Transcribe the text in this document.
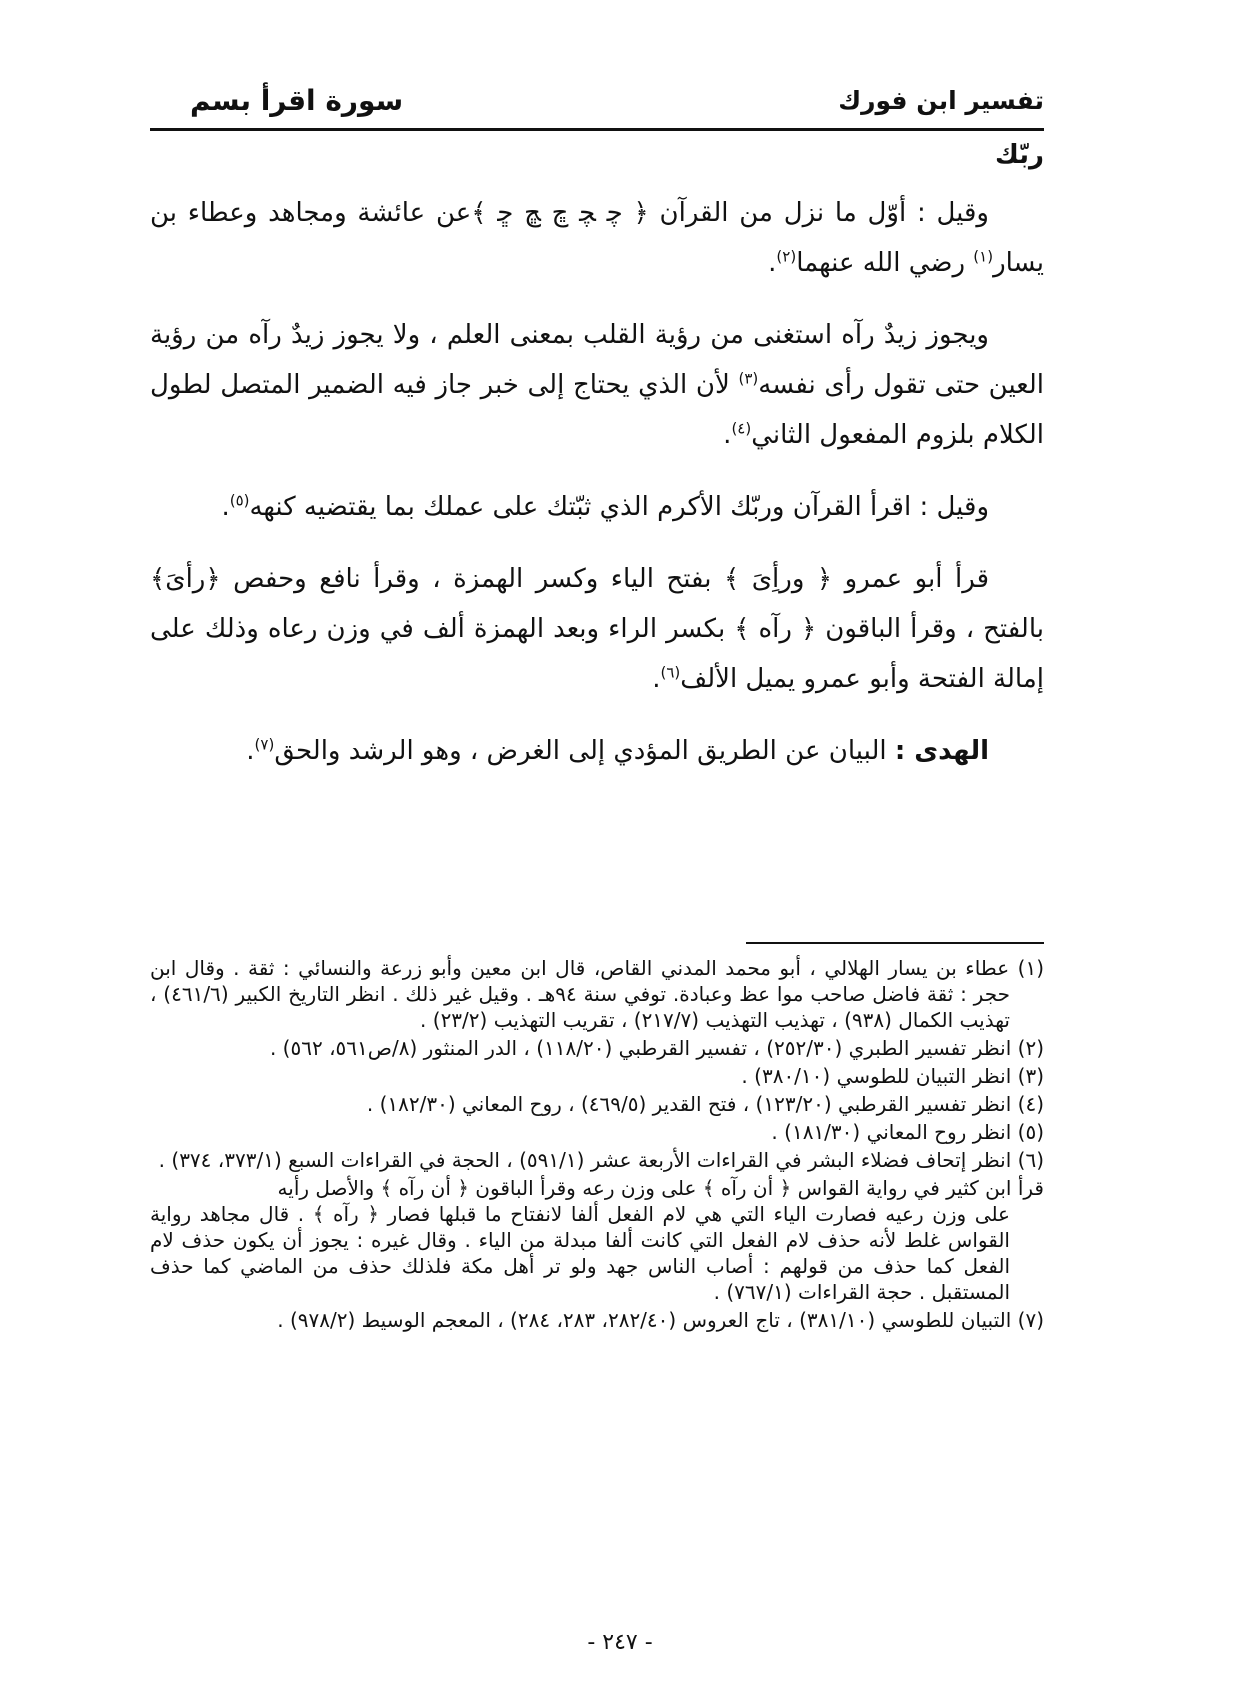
تفسير ابن فورك
سورة اقرأ بسم
ربّك

وقيل : أوّل ما نزل من القرآن ﴿ ﭼ ﭽ ﭾ ﭿ ﮀ ﴾عن عائشة ومجاهد وعطاء بن يسار$^{(١)}$ رضي الله عنهما$^{(٢)}$.

ويجوز زيدٌ رآه استغنى من رؤية القلب بمعنى العلم ، ولا يجوز زيدٌ رآه من رؤية العين حتى تقول رأى نفسه$^{(٣)}$ لأن الذي يحتاج إلى خبر جاز فيه الضمير المتصل لطول الكلام بلزوم المفعول الثاني$^{(٤)}$.

وقيل : اقرأ القرآن وربّك الأكرم الذي ثبّتك على عملك بما يقتضيه كنهه$^{(٥)}$.

قرأ أبو عمرو ﴿ ورأِىَ ﴾ بفتح الياء وكسر الهمزة ، وقرأ نافع وحفص ﴿رأىَ﴾ بالفتح ، وقرأ الباقون ﴿ رآه ﴾ بكسر الراء وبعد الهمزة ألف في وزن رعاه وذلك على إمالة الفتحة وأبو عمرو يميل الألف$^{(٦)}$.

الهدى : البيان عن الطريق المؤدي إلى الغرض ، وهو الرشد والحق$^{(٧)}$.

(١) عطاء بن يسار الهلالي ، أبو محمد المدني القاص، قال ابن معين وأبو زرعة والنسائي : ثقة . وقال ابن حجر : ثقة فاضل صاحب موا عظ وعبادة. توفي سنة ٩٤هـ . وقيل غير ذلك . انظر التاريخ الكبير (٤٦١/٦) ، تهذيب الكمال (٩٣٨) ، تهذيب التهذيب (٢١٧/٧) ، تقريب التهذيب (٢٣/٢) .
(٢) انظر تفسير الطبري (٢٥٢/٣٠) ، تفسير القرطبي (١١٨/٢٠) ، الدر المنثور (٨/ص٥٦١، ٥٦٢) .
(٣) انظر التبيان للطوسي (٣٨٠/١٠) .
(٤) انظر تفسير القرطبي (١٢٣/٢٠) ، فتح القدير (٤٦٩/٥) ، روح المعاني (١٨٢/٣٠) .
(٥) انظر روح المعاني (١٨١/٣٠) .
(٦) انظر إتحاف فضلاء البشر في القراءات الأربعة عشر (٥٩١/١) ، الحجة في القراءات السبع (٣٧٣/١، ٣٧٤) .
قرأ ابن كثير في رواية القواس ﴿ أن رآه ﴾ على وزن رعه وقرأ الباقون ﴿ أن رآه ﴾ والأصل رأيه
على وزن رعيه فصارت الياء التي هي لام الفعل ألفا لانفتاح ما قبلها فصار ﴿ رآه ﴾ . قال مجاهد رواية القواس غلط لأنه حذف لام الفعل التي كانت ألفا مبدلة من الياء . وقال غيره : يجوز أن يكون حذف لام الفعل كما حذف من قولهم : أصاب الناس جهد ولو تر أهل مكة فلذلك حذف من الماضي كما حذف المستقبل . حجة القراءات (٧٦٧/١) .
(٧) التبيان للطوسي (٣٨١/١٠) ، تاج العروس (٢٨٢/٤٠، ٢٨٣، ٢٨٤) ، المعجم الوسيط (٩٧٨/٢) .
- ٢٤٧ -
